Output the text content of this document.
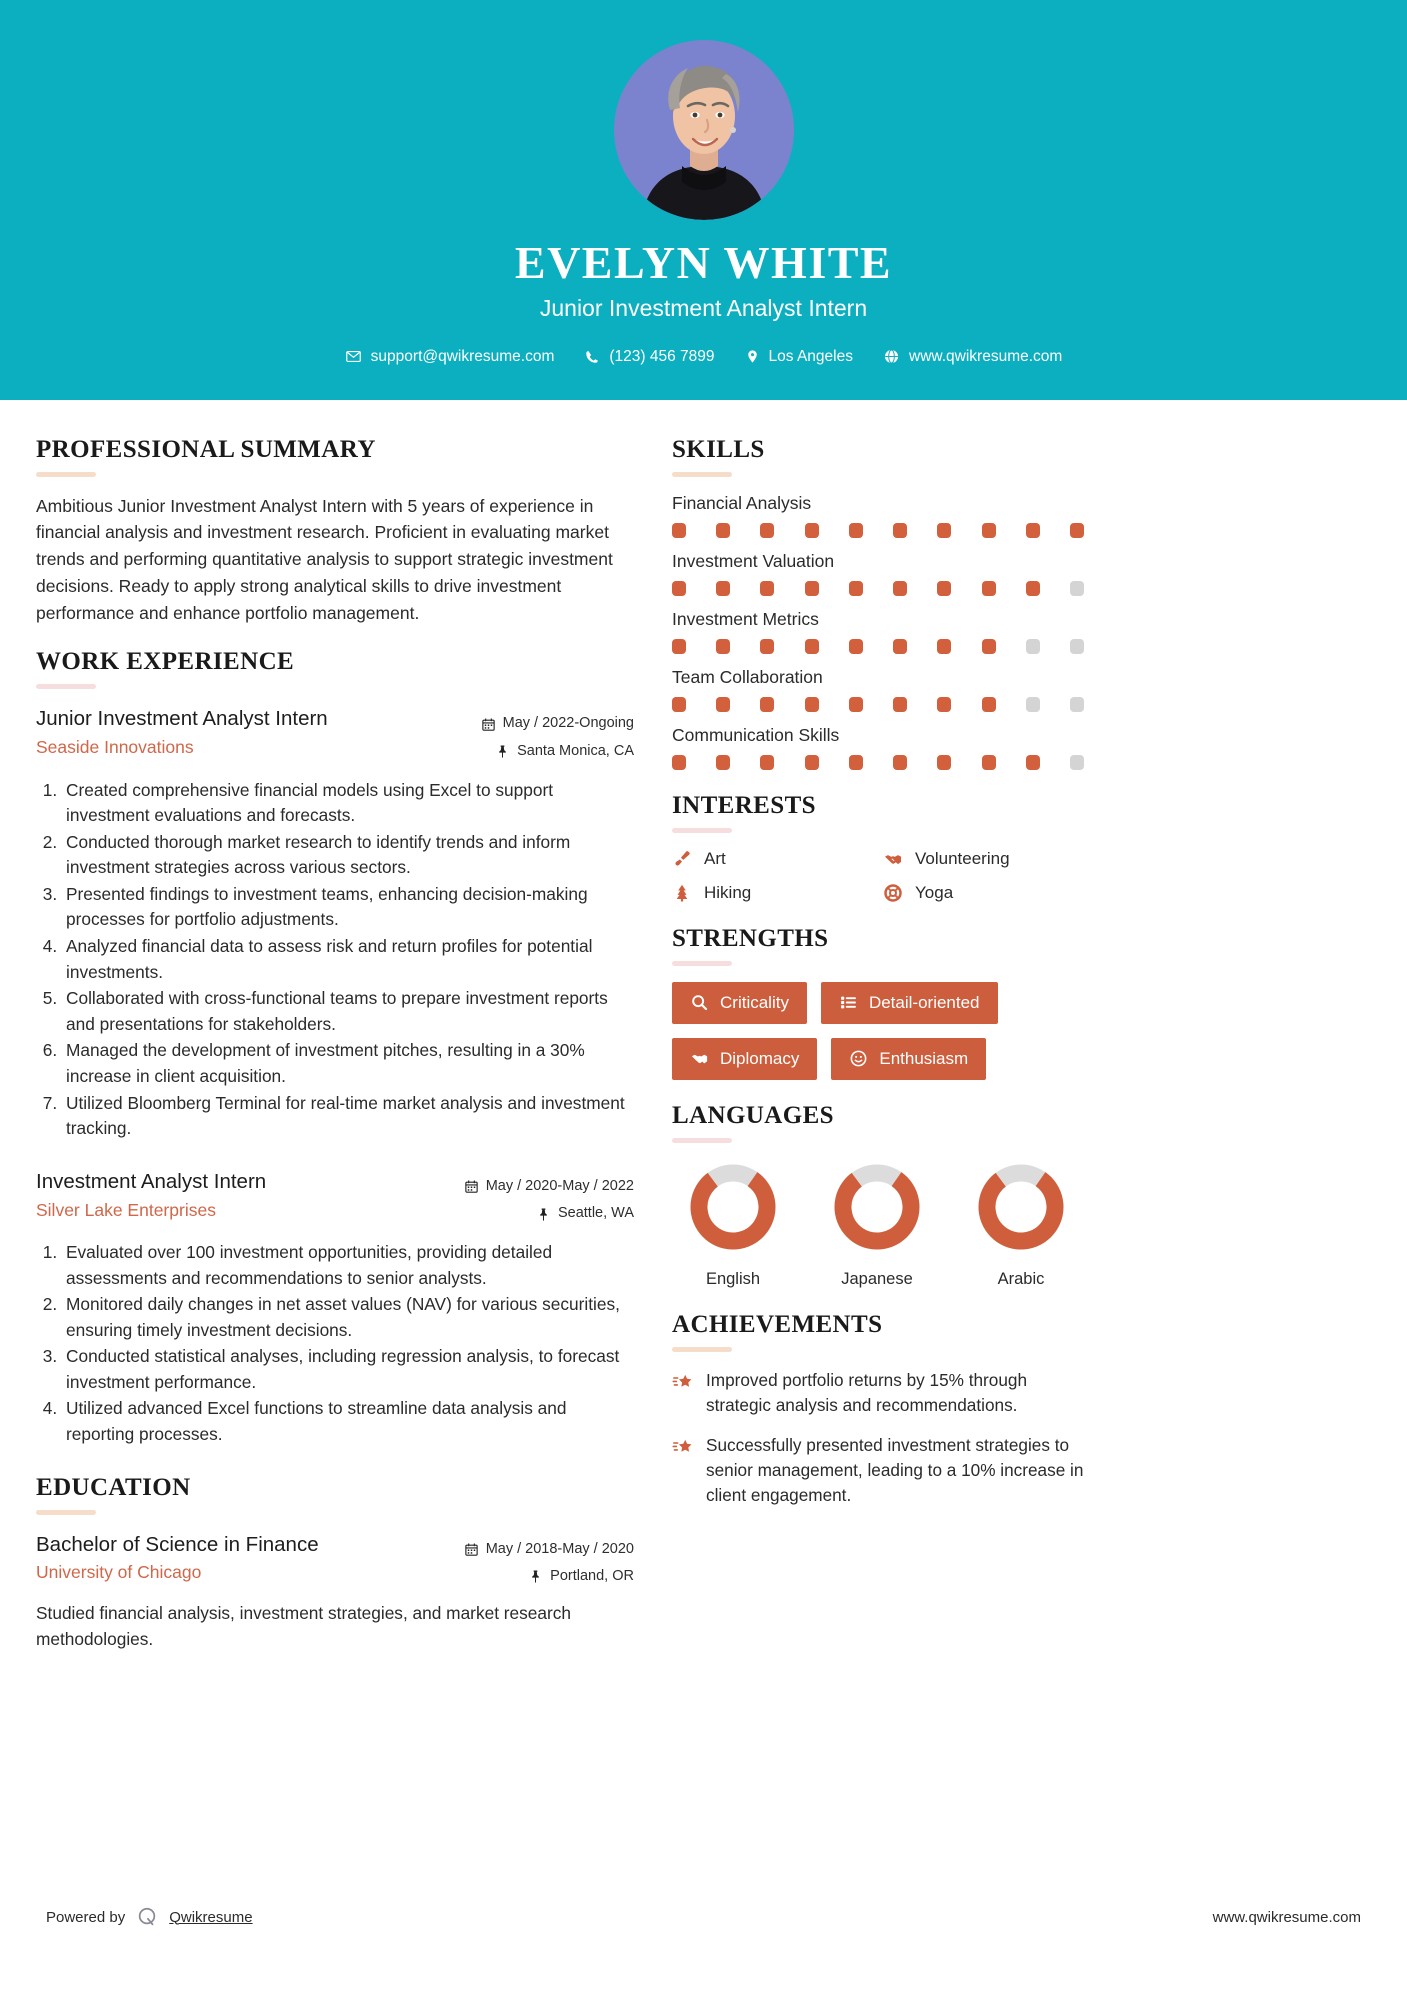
EVELYN WHITE
Junior Investment Analyst Intern
support@qwikresume.com	(123) 456 7899	Los Angeles	www.qwikresume.com
PROFESSIONAL SUMMARY
Ambitious Junior Investment Analyst Intern with 5 years of experience in financial analysis and investment research. Proficient in evaluating market trends and performing quantitative analysis to support strategic investment decisions. Ready to apply strong analytical skills to drive investment performance and enhance portfolio management.
WORK EXPERIENCE
Junior Investment Analyst Intern
Seaside Innovations
May / 2022-Ongoing
Santa Monica, CA
1. Created comprehensive financial models using Excel to support investment evaluations and forecasts.
2. Conducted thorough market research to identify trends and inform investment strategies across various sectors.
3. Presented findings to investment teams, enhancing decision-making processes for portfolio adjustments.
4. Analyzed financial data to assess risk and return profiles for potential investments.
5. Collaborated with cross-functional teams to prepare investment reports and presentations for stakeholders.
6. Managed the development of investment pitches, resulting in a 30% increase in client acquisition.
7. Utilized Bloomberg Terminal for real-time market analysis and investment tracking.
Investment Analyst Intern
Silver Lake Enterprises
May / 2020-May / 2022
Seattle, WA
1. Evaluated over 100 investment opportunities, providing detailed assessments and recommendations to senior analysts.
2. Monitored daily changes in net asset values (NAV) for various securities, ensuring timely investment decisions.
3. Conducted statistical analyses, including regression analysis, to forecast investment performance.
4. Utilized advanced Excel functions to streamline data analysis and reporting processes.
EDUCATION
Bachelor of Science in Finance
University of Chicago
May / 2018-May / 2020
Portland, OR
Studied financial analysis, investment strategies, and market research methodologies.
SKILLS
Financial Analysis
Investment Valuation
Investment Metrics
Team Collaboration
Communication Skills
INTERESTS
Art	Volunteering
Hiking	Yoga
STRENGTHS
Criticality	Detail-oriented
Diplomacy	Enthusiasm
LANGUAGES
English	Japanese	Arabic
ACHIEVEMENTS
Improved portfolio returns by 15% through strategic analysis and recommendations.
Successfully presented investment strategies to senior management, leading to a 10% increase in client engagement.
Powered by	Qwikresume	www.qwikresume.com
